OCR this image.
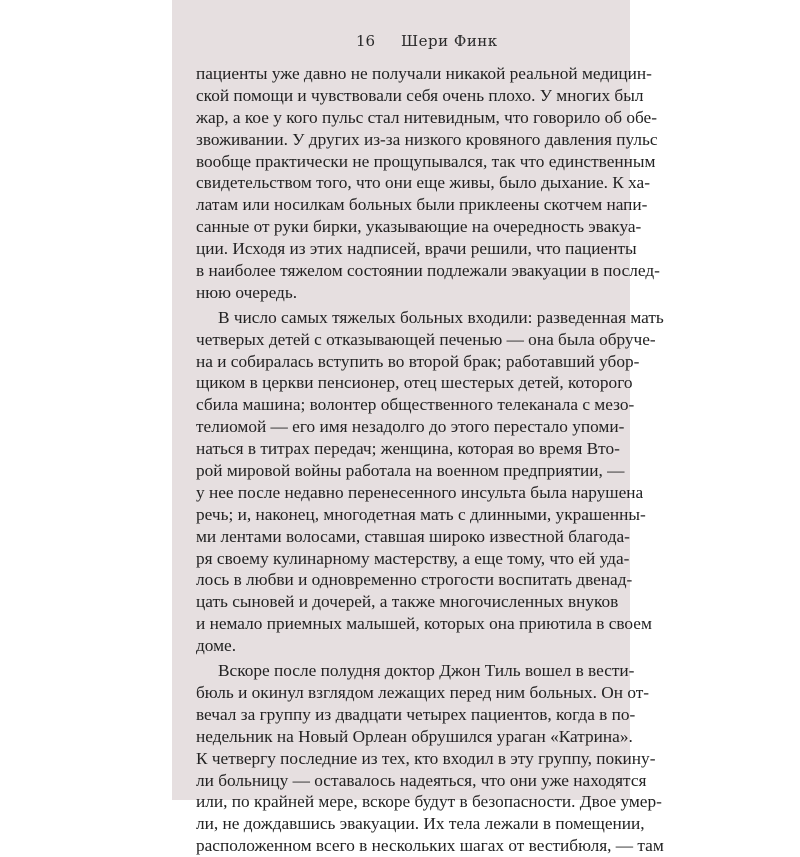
16 Шери Финк
пациенты уже давно не получали никакой реальной медицин-
ской помощи и чувствовали себя очень плохо. У многих был
жар, а кое у кого пульс стал нитевидным, что говорило об обе-
звоживании. У других из-за низкого кровяного давления пульс
вообще практически не прощупывался, так что единственным
свидетельством того, что они еще живы, было дыхание. К ха-
латам или носилкам больных были приклеены скотчем напи-
санные от руки бирки, указывающие на очередность эвакуа-
ции. Исходя из этих надписей, врачи решили, что пациенты
в наиболее тяжелом состоянии подлежали эвакуации в послед-
нюю очередь.
В число самых тяжелых больных входили: разведенная мать
четверых детей с отказывающей печенью — она была обруче-
на и собиралась вступить во второй брак; работавший убор-
щиком в церкви пенсионер, отец шестерых детей, которого
сбила машина; волонтер общественного телеканала с мезо-
телиомой — его имя незадолго до этого перестало упоми-
наться в титрах передач; женщина, которая во время Вто-
рой мировой войны работала на военном предприятии, —
у нее после недавно перенесенного инсульта была нарушена
речь; и, наконец, многодетная мать с длинными, украшенны-
ми лентами волосами, ставшая широко известной благода-
ря своему кулинарному мастерству, а еще тому, что ей уда-
лось в любви и одновременно строгости воспитать двенад-
цать сыновей и дочерей, а также многочисленных внуков
и немало приемных малышей, которых она приютила в своем
доме.
Вскоре после полудня доктор Джон Тиль вошел в вести-
бюль и окинул взглядом лежащих перед ним больных. Он от-
вечал за группу из двадцати четырех пациентов, когда в по-
недельник на Новый Орлеан обрушился ураган «Катрина».
К четвергу последние из тех, кто входил в эту группу, покину-
ли больницу — оставалось надеяться, что они уже находятся
или, по крайней мере, вскоре будут в безопасности. Двое умер-
ли, не дождавшись эвакуации. Их тела лежали в помещении,
расположенном всего в нескольких шагах от вестибюля, — там
